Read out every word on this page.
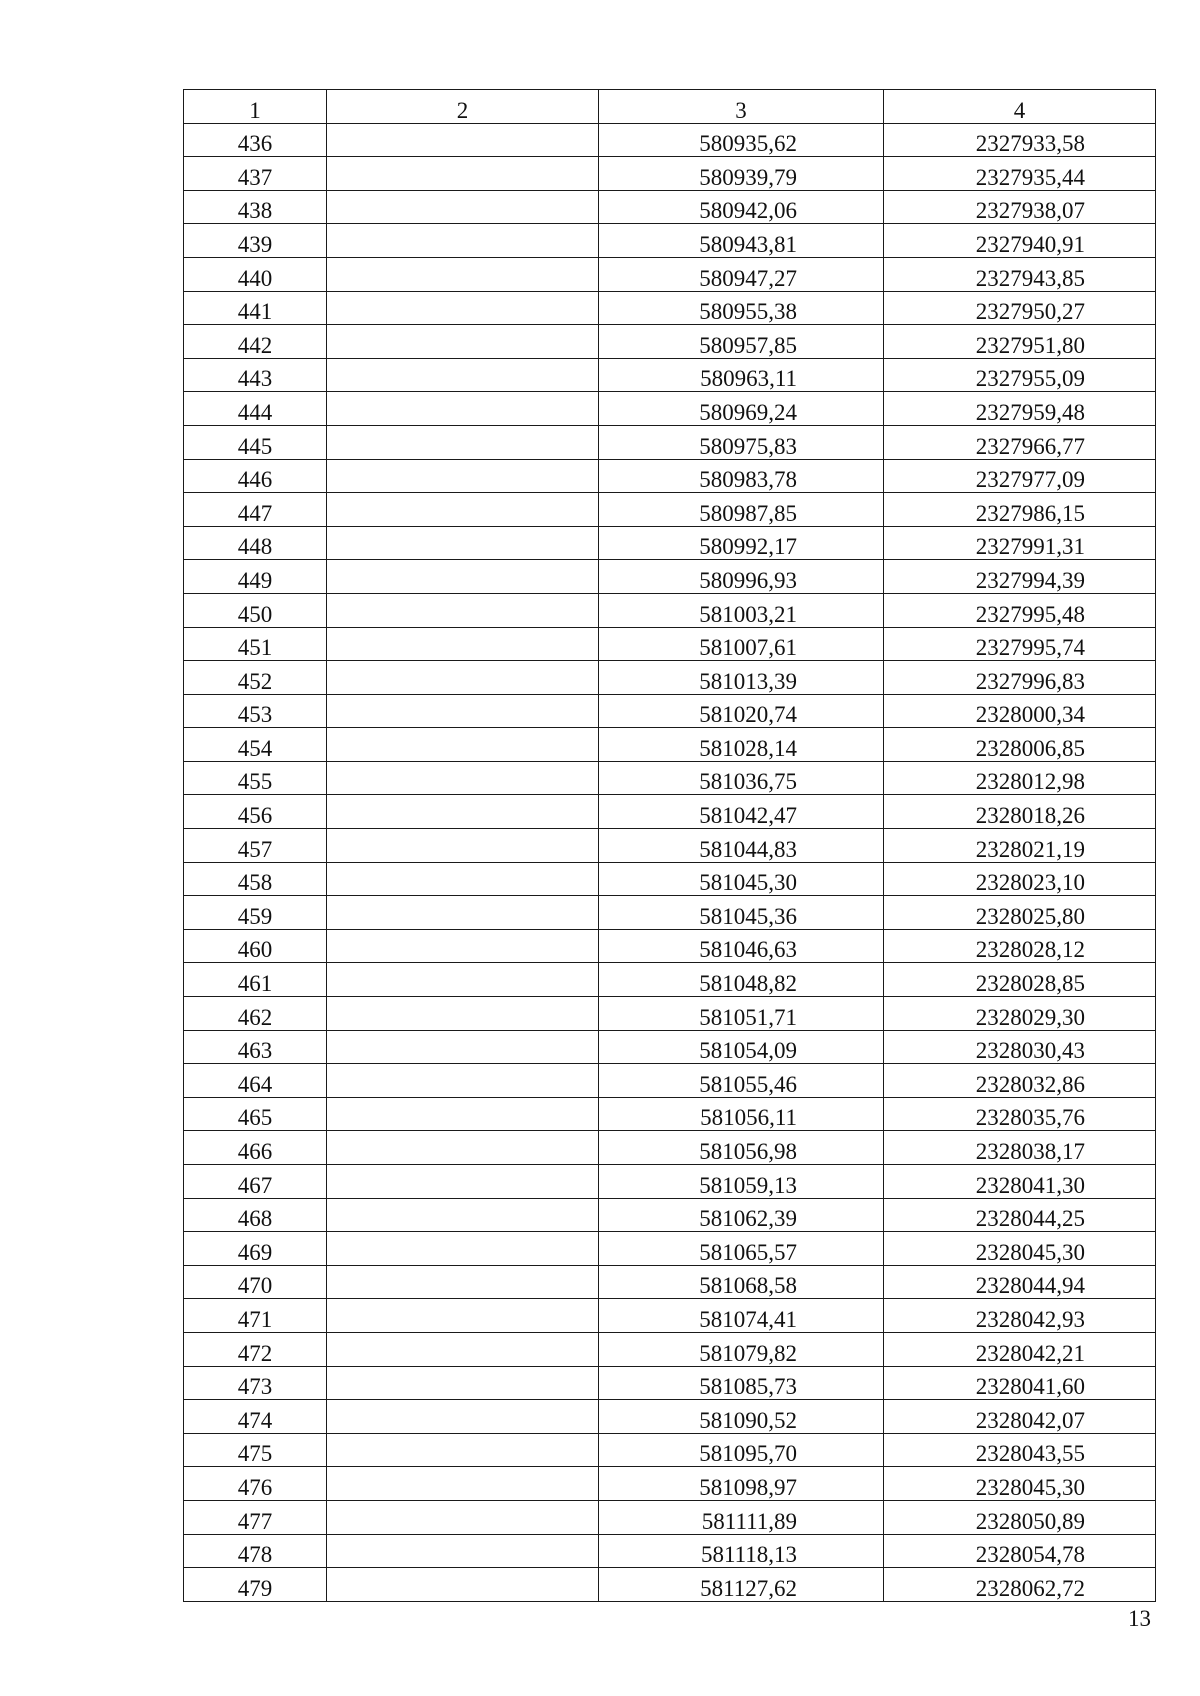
1	2	3	4
436		580935,62	2327933,58
437		580939,79	2327935,44
438		580942,06	2327938,07
439		580943,81	2327940,91
440		580947,27	2327943,85
441		580955,38	2327950,27
442		580957,85	2327951,80
443		580963,11	2327955,09
444		580969,24	2327959,48
445		580975,83	2327966,77
446		580983,78	2327977,09
447		580987,85	2327986,15
448		580992,17	2327991,31
449		580996,93	2327994,39
450		581003,21	2327995,48
451		581007,61	2327995,74
452		581013,39	2327996,83
453		581020,74	2328000,34
454		581028,14	2328006,85
455		581036,75	2328012,98
456		581042,47	2328018,26
457		581044,83	2328021,19
458		581045,30	2328023,10
459		581045,36	2328025,80
460		581046,63	2328028,12
461		581048,82	2328028,85
462		581051,71	2328029,30
463		581054,09	2328030,43
464		581055,46	2328032,86
465		581056,11	2328035,76
466		581056,98	2328038,17
467		581059,13	2328041,30
468		581062,39	2328044,25
469		581065,57	2328045,30
470		581068,58	2328044,94
471		581074,41	2328042,93
472		581079,82	2328042,21
473		581085,73	2328041,60
474		581090,52	2328042,07
475		581095,70	2328043,55
476		581098,97	2328045,30
477		581111,89	2328050,89
478		581118,13	2328054,78
479		581127,62	2328062,72
13
